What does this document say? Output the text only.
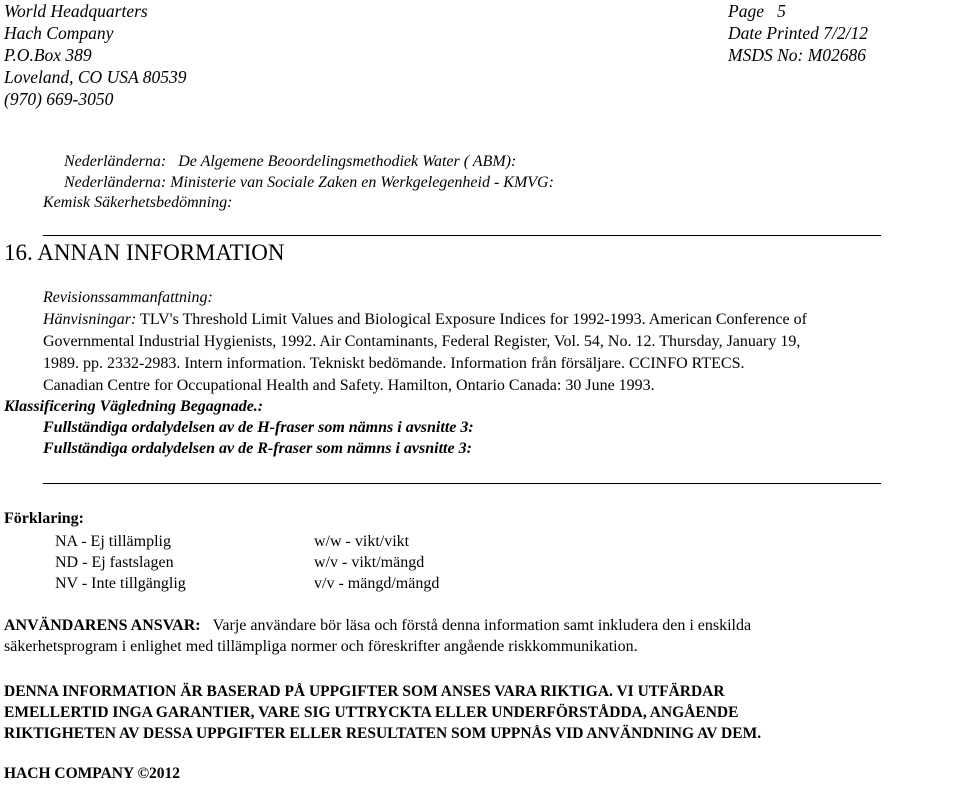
World Headquarters
Hach Company
P.O.Box 389
Loveland, CO USA 80539
(970) 669-3050
Page 5
Date Printed 7/2/12
MSDS No: M02686
Nederländerna: De Algemene Beoordelingsmethodiek Water ( ABM):
Nederländerna: Ministerie van Sociale Zaken en Werkgelegenheid - KMVG:
Kemisk Säkerhetsbedömning:
16. ANNAN INFORMATION
Revisionssammanfattning:
Hänvisningar: TLV's Threshold Limit Values and Biological Exposure Indices for 1992-1993. American Conference of
Governmental Industrial Hygienists, 1992. Air Contaminants, Federal Register, Vol. 54, No. 12. Thursday, January 19,
1989. pp. 2332-2983. Intern information. Tekniskt bedömande. Information från försäljare. CCINFO RTECS.
Canadian Centre for Occupational Health and Safety. Hamilton, Ontario Canada: 30 June 1993.
Klassificering Vägledning Begagnade.:
Fullständiga ordalydelsen av de H-fraser som nämns i avsnitte 3:
Fullständiga ordalydelsen av de R-fraser som nämns i avsnitte 3:
Förklaring:
NA - Ej tillämplig
ND - Ej fastslagen
NV - Inte tillgänglig
w/w - vikt/vikt
w/v - vikt/mängd
v/v - mängd/mängd
ANVÄNDARENS ANSVAR: Varje användare bör läsa och förstå denna information samt inkludera den i enskilda
säkerhetsprogram i enlighet med tillämpliga normer och föreskrifter angående riskkommunikation.
DENNA INFORMATION ÄR BASERAD PÅ UPPGIFTER SOM ANSES VARA RIKTIGA. VI UTFÄRDAR
EMELLERTID INGA GARANTIER, VARE SIG UTTRYCKTA ELLER UNDERFÖRSTÅDDA, ANGÅENDE
RIKTIGHETEN AV DESSA UPPGIFTER ELLER RESULTATEN SOM UPPNÅS VID ANVÄNDNING AV DEM.
HACH COMPANY ©2012
